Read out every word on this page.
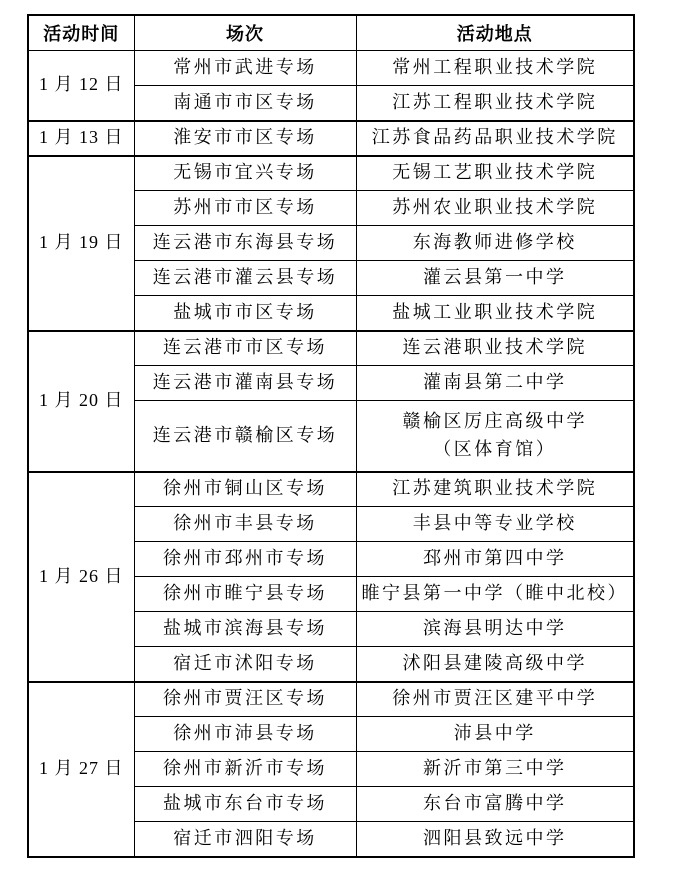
活动时间	场次	活动地点
1 月 12 日	常州市武进专场	常州工程职业技术学院
	南通市市区专场	江苏工程职业技术学院
1 月 13 日	淮安市市区专场	江苏食品药品职业技术学院
1 月 19 日	无锡市宜兴专场	无锡工艺职业技术学院
	苏州市市区专场	苏州农业职业技术学院
	连云港市东海县专场	东海教师进修学校
	连云港市灌云县专场	灌云县第一中学
	盐城市市区专场	盐城工业职业技术学院
1 月 20 日	连云港市市区专场	连云港职业技术学院
	连云港市灌南县专场	灌南县第二中学
	连云港市赣榆区专场	赣榆区厉庄高级中学
（区体育馆）

1 月 26 日	徐州市铜山区专场	江苏建筑职业技术学院
	徐州市丰县专场	丰县中等专业学校
	徐州市邳州市专场	邳州市第四中学
	徐州市睢宁县专场	睢宁县第一中学（睢中北校）
	盐城市滨海县专场	滨海县明达中学
	宿迁市沭阳专场	沭阳县建陵高级中学
1 月 27 日	徐州市贾汪区专场	徐州市贾汪区建平中学
	徐州市沛县专场	沛县中学
	徐州市新沂市专场	新沂市第三中学
	盐城市东台市专场	东台市富腾中学
	宿迁市泗阳专场	泗阳县致远中学
